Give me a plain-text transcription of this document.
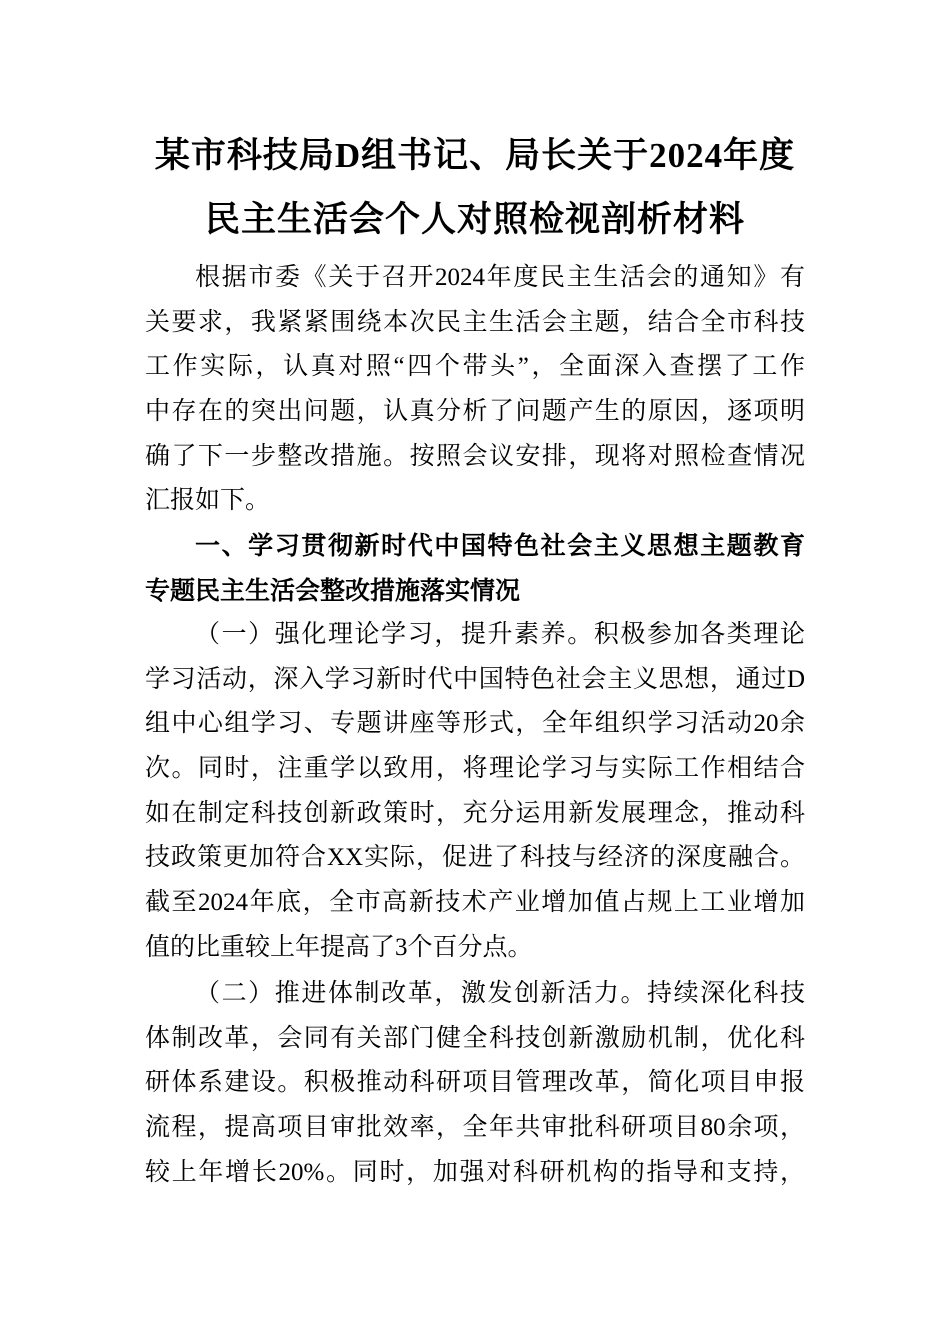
某市科技局D组书记、局长关于2024年度
民主生活会个人对照检视剖析材料
根据市委《关于召开2024年度民主生活会的通知》有
关要求，我紧紧围绕本次民主生活会主题，结合全市科技
工作实际，认真对照“四个带头”，全面深入查摆了工作
中存在的突出问题，认真分析了问题产生的原因，逐项明
确了下一步整改措施。按照会议安排，现将对照检查情况
汇报如下。
一、学习贯彻新时代中国特色社会主义思想主题教育
专题民主生活会整改措施落实情况
（一）强化理论学习，提升素养。积极参加各类理论
学习活动，深入学习新时代中国特色社会主义思想，通过D
组中心组学习、专题讲座等形式，全年组织学习活动20余
次。同时，注重学以致用，将理论学习与实际工作相结合
如在制定科技创新政策时，充分运用新发展理念，推动科
技政策更加符合XX实际，促进了科技与经济的深度融合。
截至2024年底，全市高新技术产业增加值占规上工业增加
值的比重较上年提高了3个百分点。
（二）推进体制改革，激发创新活力。持续深化科技
体制改革，会同有关部门健全科技创新激励机制，优化科
研体系建设。积极推动科研项目管理改革，简化项目申报
流程，提高项目审批效率，全年共审批科研项目80余项，
较上年增长20%。同时，加强对科研机构的指导和支持，
